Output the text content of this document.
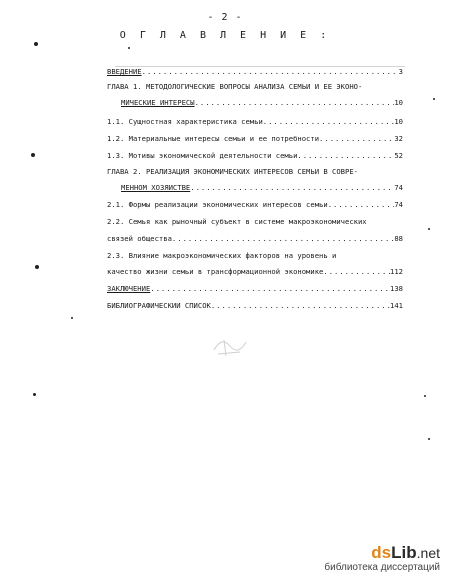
- 2 -
О Г Л А В Л Е Н И Е :
ВВЕДЕНИЕ .....	3
ГЛАВА 1. МЕТОДОЛОГИЧЕСКИЕ ВОПРОСЫ АНАЛИЗА СЕМЬИ И ЕЕ ЭКОНО-
МИЧЕСКИЕ ИНТЕРЕСЫ .....	10
1.1. Сущностная характеристика семьи .....	10
1.2. Материальные интересы семьи и ее потребности .....	32
1.3. Мотивы экономической деятельности семьи .....	52
ГЛАВА 2. РЕАЛИЗАЦИЯ ЭКОНОМИЧЕСКИХ ИНТЕРЕСОВ СЕМЬИ В СОВРЕ-
МЕННОМ ХОЗЯЙСТВЕ .....	74
2.1. Формы реализации экономических интересов семьи .....	74
2.2. Семья как рыночный субъект в системе макроэкономических
связей общества .....	88
2.3. Влияние макроэкономических факторов на уровень и
качество жизни семьи в трансформационной экономике .....	112
ЗАКЛЮЧЕНИЕ .....	138
БИБЛИОГРАФИЧЕСКИЙ СПИСОК .....	141
dsLib.net
библиотека диссертаций
